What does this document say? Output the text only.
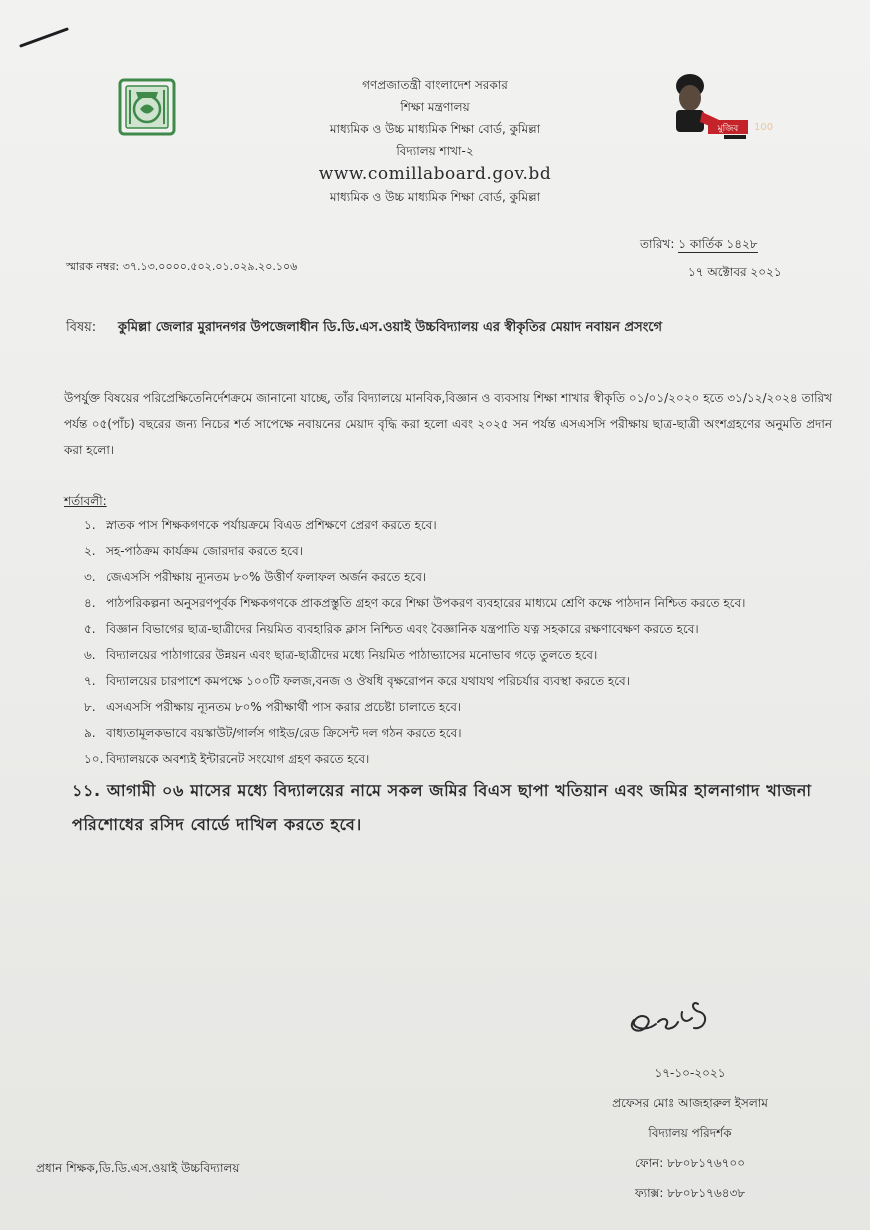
মুজিব 100
গণপ্রজাতন্ত্রী বাংলাদেশ সরকার
শিক্ষা মন্ত্রণালয়
মাধ্যমিক ও উচ্চ মাধ্যমিক শিক্ষা বোর্ড, কুমিল্লা
বিদ্যালয় শাখা-২
www.comillaboard.gov.bd
মাধ্যমিক ও উচ্চ মাধ্যমিক শিক্ষা বোর্ড, কুমিল্লা
স্মারক নম্বর: ৩৭.১৩.০০০০.৫০২.০১.০২৯.২০.১০৬
তারিখ: ১ কার্তিক ১৪২৮
১৭ অক্টোবর ২০২১
বিষয়: কুমিল্লা জেলার মুরাদনগর উপজেলাধীন ডি.ডি.এস.ওয়াই উচ্চবিদ্যালয় এর স্বীকৃতির মেয়াদ নবায়ন প্রসংগে
উপর্যুক্ত বিষয়ের পরিপ্রেক্ষিতেনির্দেশক্রমে জানানো যাচ্ছে, তাঁর বিদ্যালয়ে মানবিক,বিজ্ঞান ও ব্যবসায় শিক্ষা শাখার স্বীকৃতি ০১/০১/২০২০ হতে ৩১/১২/২০২৪ তারিখ পর্যন্ত ০৫(পাঁচ) বছরের জন্য নিচের শর্ত সাপেক্ষে নবায়নের মেয়াদ বৃদ্ধি করা হলো এবং ২০২৫ সন পর্যন্ত এসএসসি পরীক্ষায় ছাত্র-ছাত্রী অংশগ্রহণের অনুমতি প্রদান করা হলো।
শর্তাবলী:
১. স্নাতক পাস শিক্ষকগণকে পর্যায়ক্রমে বিএড প্রশিক্ষণে প্রেরণ করতে হবে।
২. সহ-পাঠক্রম কার্যক্রম জোরদার করতে হবে।
৩. জেএসসি পরীক্ষায় ন্যূনতম ৮০% উত্তীর্ণ ফলাফল অর্জন করতে হবে।
৪. পাঠপরিকল্পনা অনুসরণপূর্বক শিক্ষকগণকে প্রাকপ্রস্তুতি গ্রহণ করে শিক্ষা উপকরণ ব্যবহারের মাধ্যমে শ্রেণি কক্ষে পাঠদান নিশ্চিত করতে হবে।
৫. বিজ্ঞান বিভাগের ছাত্র-ছাত্রীদের নিয়মিত ব্যবহারিক ক্লাস নিশ্চিত এবং বৈজ্ঞানিক যন্ত্রপাতি যত্ন সহকারে রক্ষণাবেক্ষণ করতে হবে।
৬. বিদ্যালয়ের পাঠাগারের উন্নয়ন এবং ছাত্র-ছাত্রীদের মধ্যে নিয়মিত পাঠাভ্যাসের মনোভাব গড়ে তুলতে হবে।
৭. বিদ্যালয়ের চারপাশে কমপক্ষে ১০০টি ফলজ,বনজ ও ঔষধি বৃক্ষরোপন করে যথাযথ পরিচর্যার ব্যবস্থা করতে হবে।
৮. এসএসসি পরীক্ষায় ন্যূনতম ৮০% পরীক্ষার্থী পাস করার প্রচেষ্টা চালাতে হবে।
৯. বাধ্যতামূলকভাবে বয়স্কাউট/গার্লস গাইড/রেড ক্রিসেন্ট দল গঠন করতে হবে।
১০. বিদ্যালয়কে অবশ্যই ইন্টারনেট সংযোগ গ্রহণ করতে হবে।
১১. আগামী ০৬ মাসের মধ্যে বিদ্যালয়ের নামে সকল জমির বিএস ছাপা খতিয়ান এবং জমির হালনাগাদ খাজনা পরিশোধের রসিদ বোর্ডে দাখিল করতে হবে।
১৭-১০-২০২১
প্রফেসর মোঃ আজহারুল ইসলাম
বিদ্যালয় পরিদর্শক
ফোন: ৮৮০৮১৭৬৭০০
ফ্যাক্স: ৮৮০৮১৭৬৪৩৮
প্রধান শিক্ষক,ডি.ডি.এস.ওয়াই উচ্চবিদ্যালয়
